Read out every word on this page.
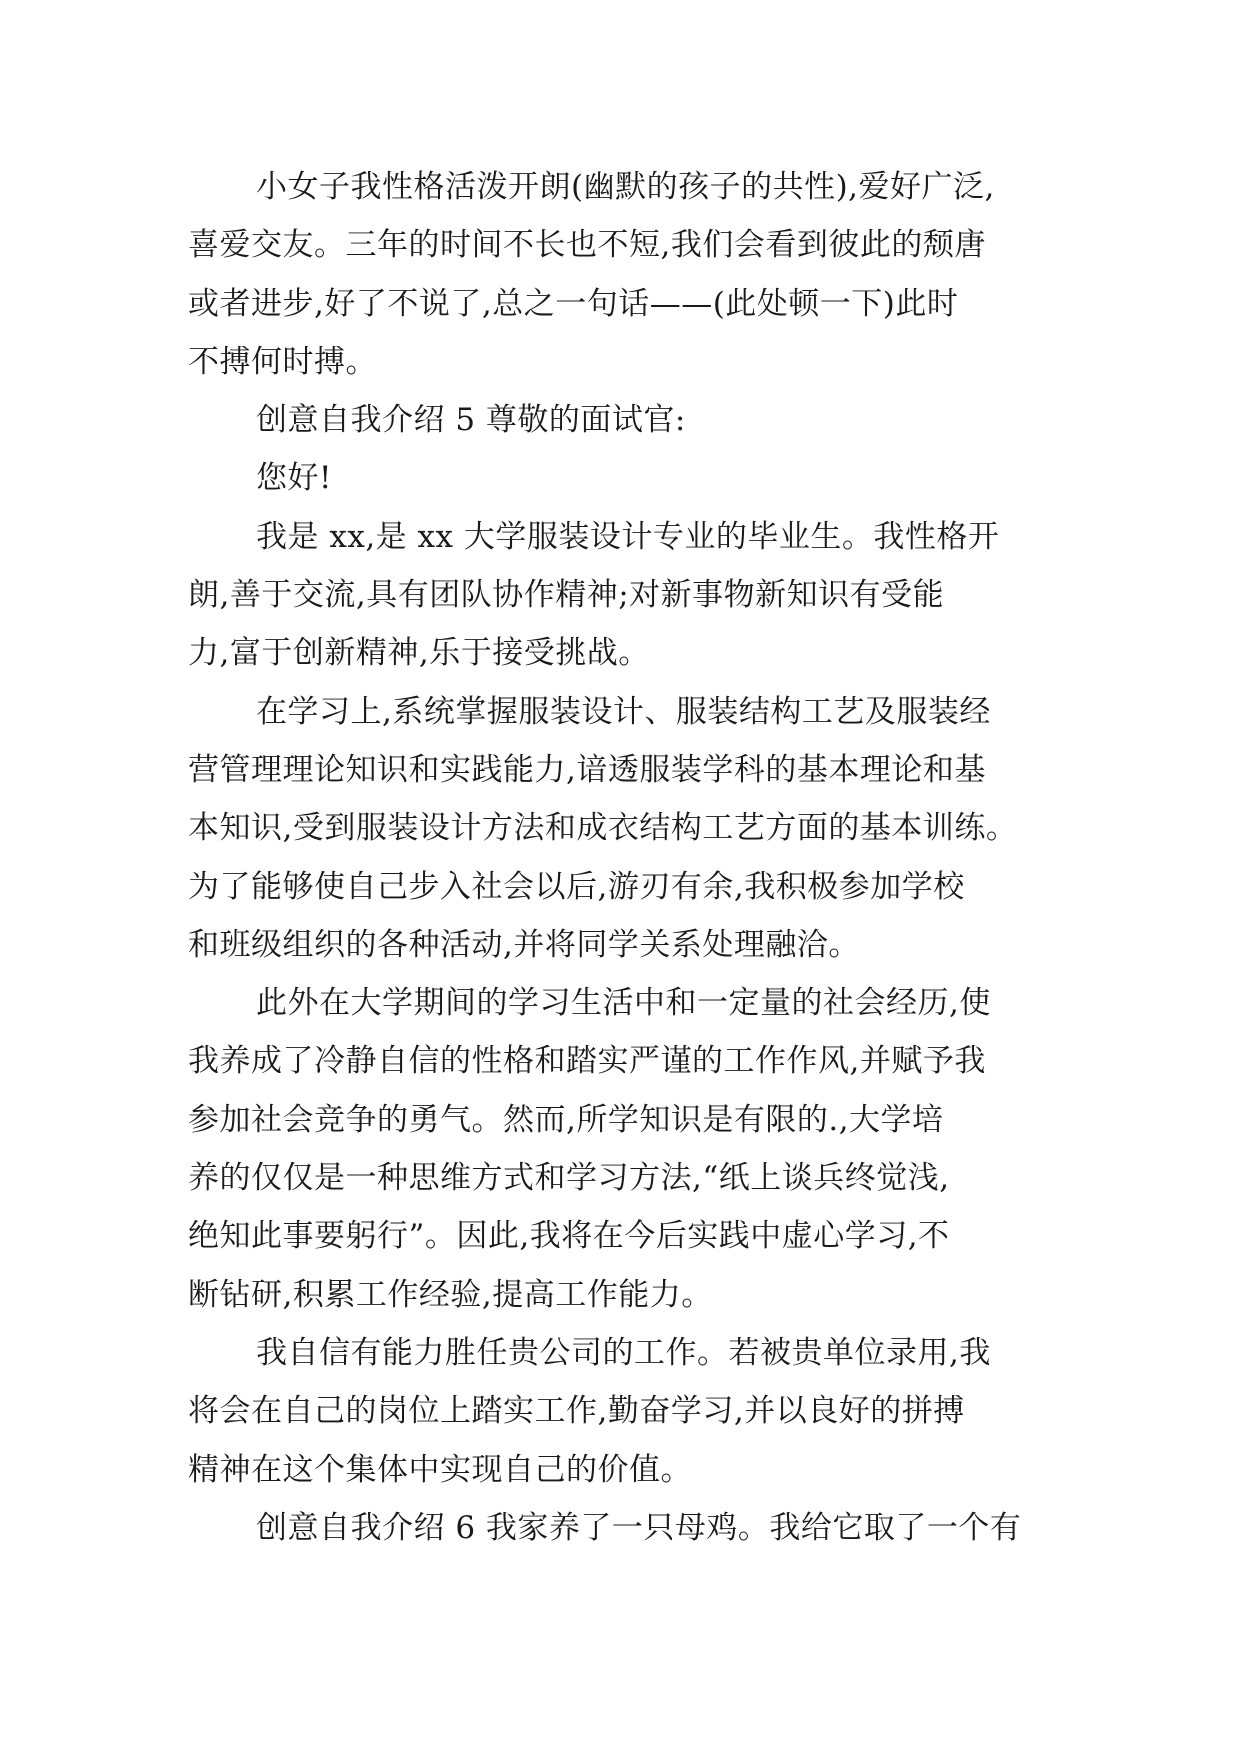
小女子我性格活泼开朗(幽默的孩子的共性),爱好广泛,
喜爱交友。三年的时间不长也不短,我们会看到彼此的颓唐
或者进步,好了不说了,总之一句话——(此处顿一下)此时
不搏何时搏。
创意自我介绍 5 尊敬的面试官:
您好!
我是 xx,是 xx 大学服装设计专业的毕业生。我性格开
朗,善于交流,具有团队协作精神;对新事物新知识有受能
力,富于创新精神,乐于接受挑战。
在学习上,系统掌握服装设计、服装结构工艺及服装经
营管理理论知识和实践能力,谙透服装学科的基本理论和基
本知识,受到服装设计方法和成衣结构工艺方面的基本训练。
为了能够使自己步入社会以后,游刃有余,我积极参加学校
和班级组织的各种活动,并将同学关系处理融洽。
此外在大学期间的学习生活中和一定量的社会经历,使
我养成了冷静自信的性格和踏实严谨的工作作风,并赋予我
参加社会竞争的勇气。然而,所学知识是有限的.,大学培
养的仅仅是一种思维方式和学习方法,“纸上谈兵终觉浅,
绝知此事要躬行”。因此,我将在今后实践中虚心学习,不
断钻研,积累工作经验,提高工作能力。
我自信有能力胜任贵公司的工作。若被贵单位录用,我
将会在自己的岗位上踏实工作,勤奋学习,并以良好的拼搏
精神在这个集体中实现自己的价值。
创意自我介绍 6 我家养了一只母鸡。我给它取了一个有
